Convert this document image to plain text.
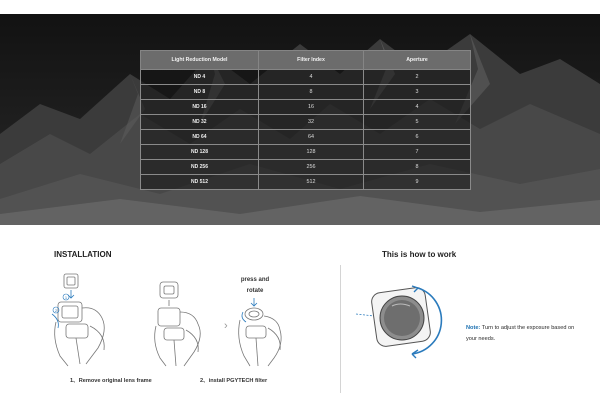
Light Reduction Model	Filter Index	Aperture
ND 4	4	2
ND 8	8	3
ND 16	16	4
ND 32	32	5
ND 64	64	6
ND 128	128	7
ND 256	256	8
ND 512	512	9
INSTALLATION	This is how to work
1
2
›
press and
rotate
1、Remove original lens frame	2、install PGYTECH filter
Note: Turn to adjust the exposure based on your needs.
